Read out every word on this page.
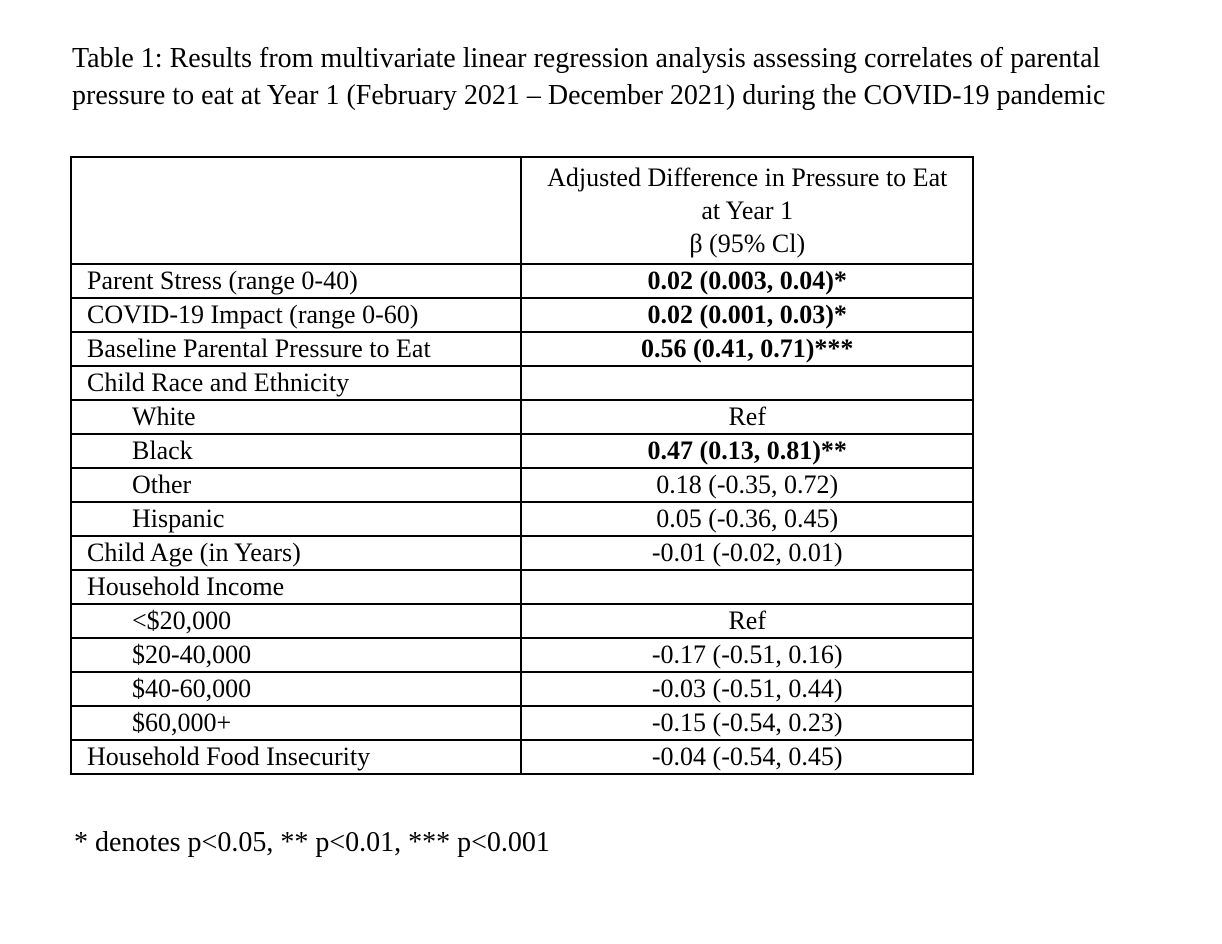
Table 1: Results from multivariate linear regression analysis assessing correlates of parental
pressure to eat at Year 1 (February 2021 – December 2021) during the COVID-19 pandemic

	Adjusted Difference in Pressure to Eat
at Year 1
β (95% Cl)

Parent Stress (range 0-40)	0.02 (0.003, 0.04)*
COVID-19 Impact (range 0-60)	0.02 (0.001, 0.03)*
Baseline Parental Pressure to Eat	0.56 (0.41, 0.71)***
Child Race and Ethnicity	
White	Ref
Black	0.47 (0.13, 0.81)**
Other	0.18 (-0.35, 0.72)
Hispanic	0.05 (-0.36, 0.45)
Child Age (in Years)	-0.01 (-0.02, 0.01)
Household Income	
<$20,000	Ref
$20-40,000	-0.17 (-0.51, 0.16)
$40-60,000	-0.03 (-0.51, 0.44)
$60,000+	-0.15 (-0.54, 0.23)
Household Food Insecurity	-0.04 (-0.54, 0.45)

* denotes p<0.05, ** p<0.01, *** p<0.001
